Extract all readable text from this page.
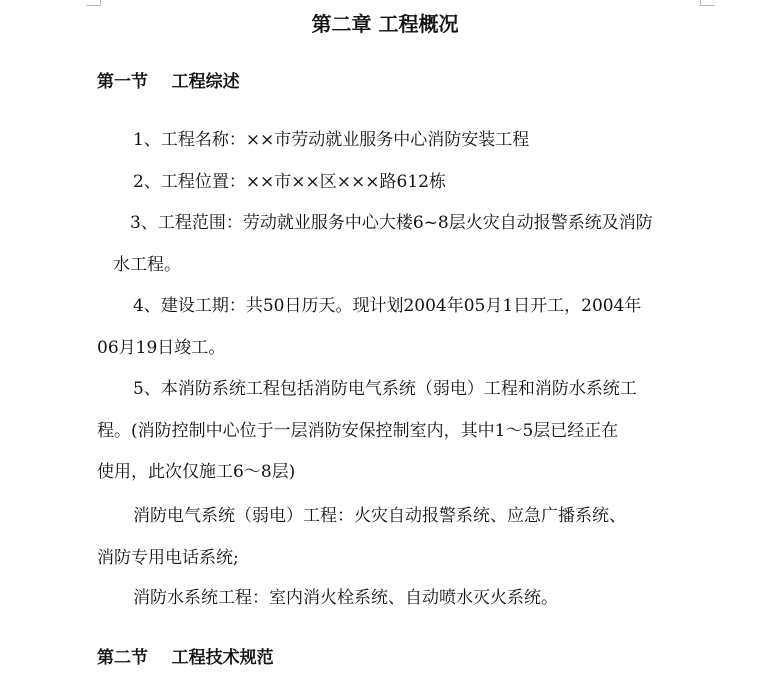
第二章 工程概况
第一节    工程综述
1、工程名称：××市劳动就业服务中心消防安装工程
2、工程位置：××市××区×××路612栋
3、工程范围：劳动就业服务中心大楼6~8层火灾自动报警系统及消防
水工程。
4、建设工期：共50日历天。现计划2004年05月1日开工，2004年
06月19日竣工。
5、本消防系统工程包括消防电气系统（弱电）工程和消防水系统工
程。(消防控制中心位于一层消防安保控制室内，其中1～5层已经正在
使用，此次仅施工6～8层)
消防电气系统（弱电）工程：火灾自动报警系统、应急广播系统、
消防专用电话系统;
消防水系统工程：室内消火栓系统、自动喷水灭火系统。
第二节    工程技术规范
